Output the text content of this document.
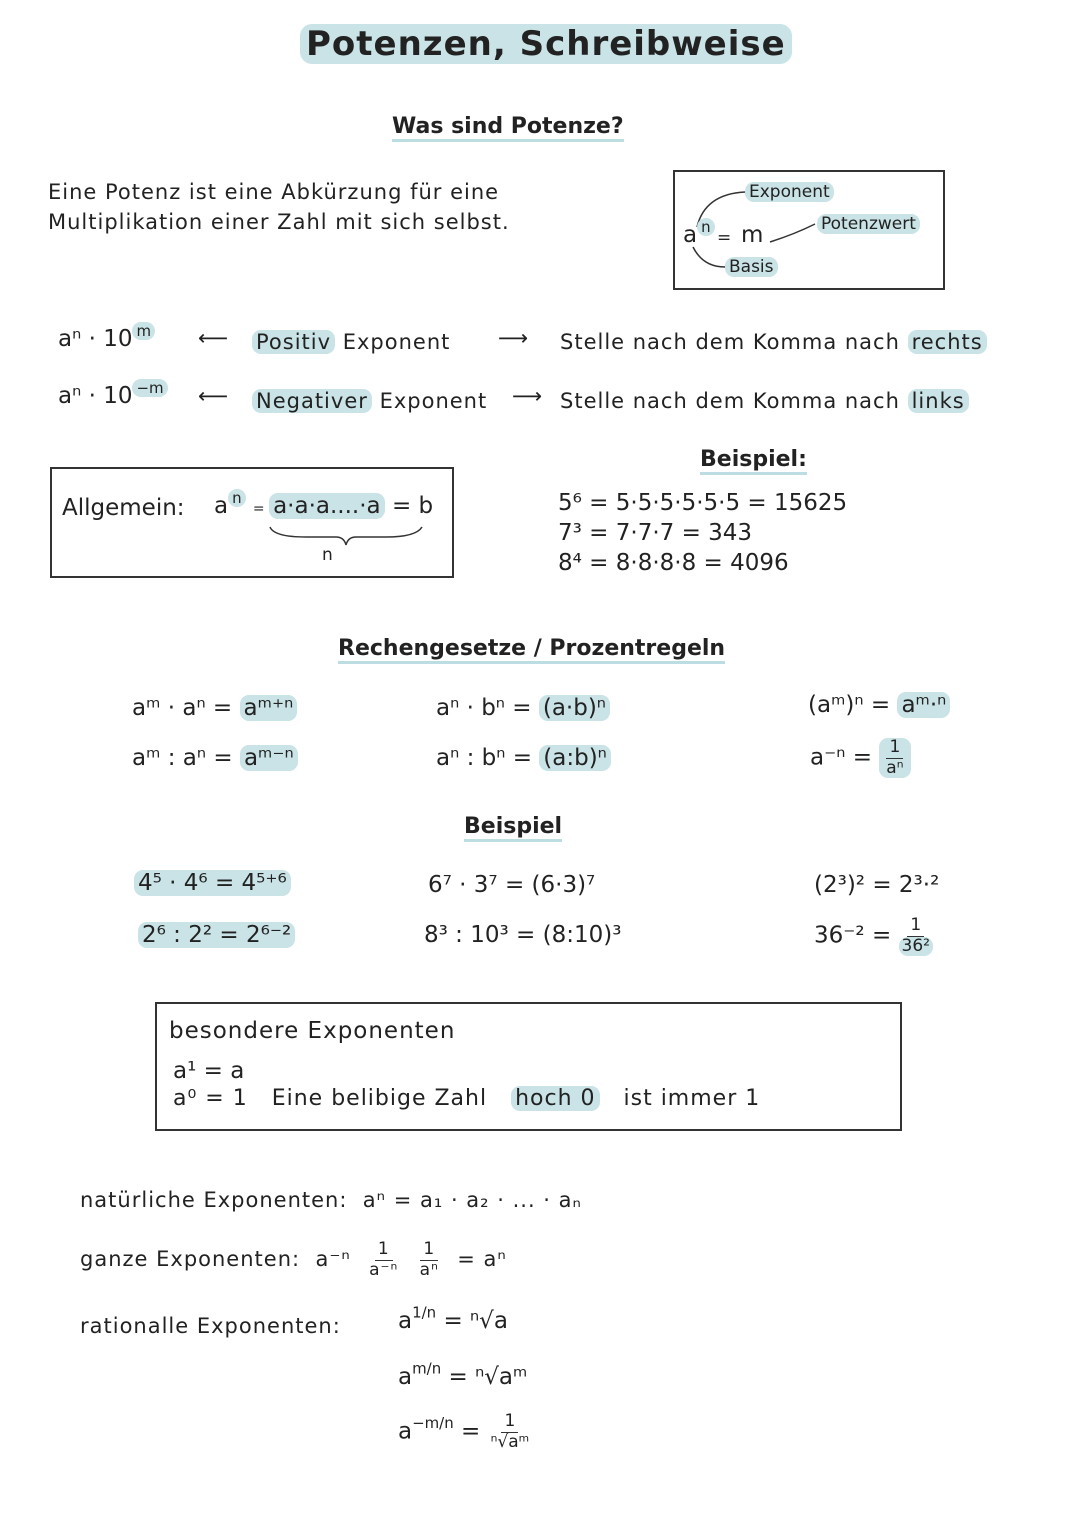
Potenzen, Schreibweise
Was sind Potenze?
Eine Potenz ist eine Abkürzung für eine
Multiplikation einer Zahl mit sich selbst.	a $^n$
= m
Exponent
Potenzwert
Basis
aⁿ · 10 $^m$ ⟵ Positiv Exponent ⟶ Stelle nach dem Komma nach rechts
aⁿ · 10 $^{-m}$ ⟵ Negativer Exponent ⟶ Stelle nach dem Komma nach links
Allgemein: a $^n$ = a·a·a....·a = b
n
Beispiel:
5⁶ = 5·5·5·5·5·5 = 15625
7³ = 7·7·7 = 343
8⁴ = 8·8·8·8 = 4096
Rechengesetze / Prozentregeln
aᵐ · aⁿ = aᵐ⁺ⁿ
aᵐ : aⁿ = aᵐ⁻ⁿ
aⁿ · bⁿ = (a·b)ⁿ
aⁿ : bⁿ = (a:b)ⁿ
(aᵐ)ⁿ = aᵐ·ⁿ
$a^{-n} = \frac{1}{\text{aⁿ}}$
Beispiel
4⁵ · 4⁶ = 4⁵⁺⁶
2⁶ : 2² = 2⁶⁻²
6⁷ · 3⁷ = (6·3)⁷
8³ : 10³ = (8:10)³
(2³)² = 2³·²
$36^{-2} = \frac{1}{\text{36²}}$
besondere Exponenten
a¹ = a
a⁰ = 1 Eine belibige Zahl hoch 0 ist immer 1
natürliche Exponenten: aⁿ = a₁ · a₂ · ... · aₙ
ganze Exponenten: $a^{-n} \frac{1}{\text{a⁻ⁿ}}$
$\frac{1}{\text{aⁿ}} = a^n$
rationalle Exponenten: $a^{1/n} = ^n√a$
$a^{m/n}$ = ⁿ√aᵐ
$a^{-m/n} = \frac{1}{\text{ⁿ√aᵐ}}$
